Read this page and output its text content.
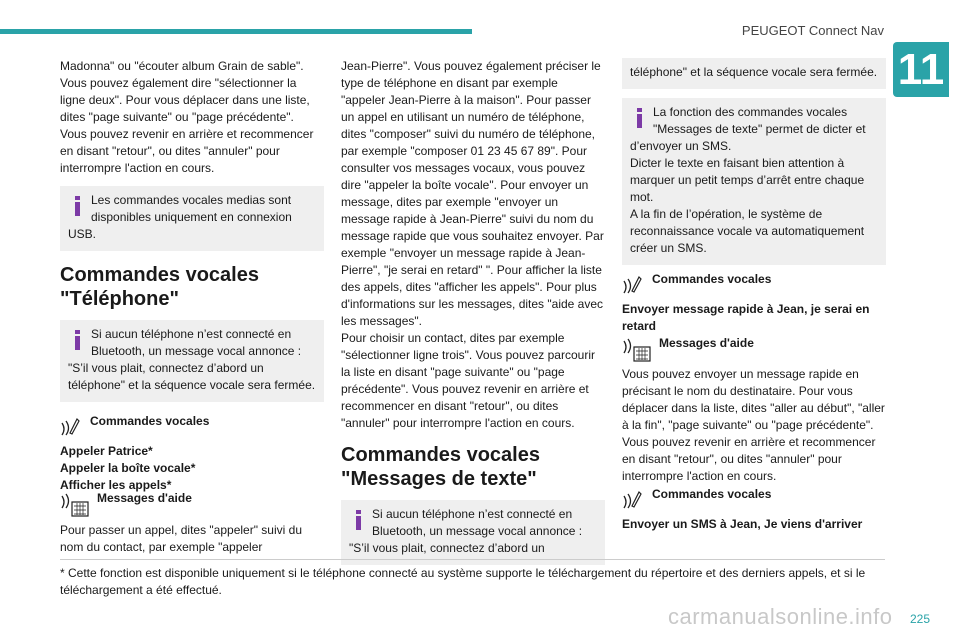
PEUGEOT Connect Nav
11

Madonna" ou "écouter album Grain de sable".
Vous pouvez également dire "sélectionner la ligne deux". Pour vous déplacer dans une liste, dites "page suivante" ou "page précédente".
Vous pouvez revenir en arrière et recommencer en disant "retour", ou dites "annuler" pour interrompre l'action en cours.

Les commandes vocales medias sont disponibles uniquement en connexion

USB.

Commandes vocales "Téléphone"

Si aucun téléphone n’est connecté en Bluetooth, un message vocal annonce :

"S’il vous plait, connectez d’abord un téléphone" et la séquence vocale sera fermée.

Commandes vocales

Appeler Patrice*

Appeler la boîte vocale*

Afficher les appels*

Messages d'aide

Pour passer un appel, dites "appeler" suivi du nom du contact, par exemple "appeler

Jean-Pierre". Vous pouvez également préciser le type de téléphone en disant par exemple "appeler Jean-Pierre à la maison". Pour passer un appel en utilisant un numéro de téléphone, dites "composer" suivi du numéro de téléphone, par exemple "composer 01 23 45 67 89". Pour consulter vos messages vocaux, vous pouvez dire "appeler la boîte vocale". Pour envoyer un message, dites par exemple "envoyer un message rapide à Jean-Pierre" suivi du nom du message rapide que vous souhaitez envoyer. Par exemple "envoyer un message rapide à Jean-Pierre", "je serai en retard" ". Pour afficher la liste des appels, dites "afficher les appels". Pour plus d'informations sur les messages, dites "aide avec les messages".
Pour choisir un contact, dites par exemple "sélectionner ligne trois". Vous pouvez parcourir la liste en disant "page suivante" ou "page précédente". Vous pouvez revenir en arrière et recommencer en disant "retour", ou dites "annuler" pour interrompre l'action en cours.

Commandes vocales "Messages de texte"

Si aucun téléphone n’est connecté en Bluetooth, un message vocal annonce :

"S’il vous plait, connectez d’abord un

téléphone" et la séquence vocale sera fermée.

La fonction des commandes vocales "Messages de texte" permet de dicter et

d’envoyer un SMS.
Dicter le texte en faisant bien attention à marquer un petit temps d’arrêt entre chaque mot.
A la fin de l’opération, le système de reconnaissance vocale va automatiquement créer un SMS.

Commandes vocales

Envoyer message rapide à Jean, je serai en retard

Messages d'aide

Vous pouvez envoyer un message rapide en précisant le nom du destinataire. Pour vous déplacer dans la liste, dites "aller au début", "aller à la fin", "page suivante" ou "page précédente". Vous pouvez revenir en arrière et recommencer en disant "retour", ou dites "annuler" pour interrompre l'action en cours.

Commandes vocales

Envoyer un SMS à Jean, Je viens d'arriver

* Cette fonction est disponible uniquement si le téléphone connecté au système supporte le téléchargement du répertoire et des derniers appels, et si le téléchargement a été effectué.

carmanualsonline.info 225
